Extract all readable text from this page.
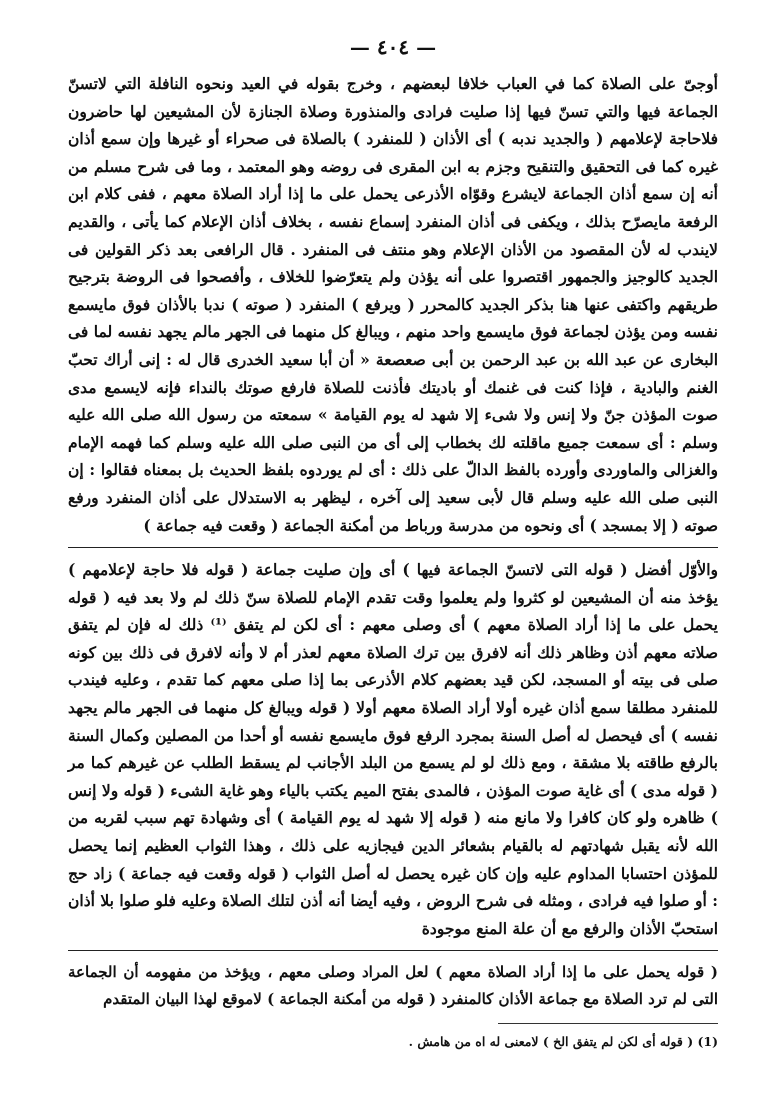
— ٤٠٤ —

أوجىّ على الصلاة كما في العباب خلافا لبعضهم ، وخرج بقوله في العيد ونحوه النافلة التي لاتسنّ الجماعة فيها والتي تسنّ فيها إذا صليت فرادى والمنذورة وصلاة الجنازة لأن المشيعين لها حاضرون فلاحاجة لإعلامهم ( والجديد ندبه ) أى الأذان ( للمنفرد ) بالصلاة فى صحراء أو غيرها وإن سمع أذان غيره كما فى التحقيق والتنقيح وجزم به ابن المقرى فى روضه وهو المعتمد ، وما فى شرح مسلم من أنه إن سمع أذان الجماعة لايشرع وقوّاه الأذرعى يحمل على ما إذا أراد الصلاة معهم ، ففى كلام ابن الرفعة مايصرّح بذلك ، ويكفى فى أذان المنفرد إسماع نفسه ، بخلاف أذان الإعلام كما يأتى ، والقديم لايندب له لأن المقصود من الأذان الإعلام وهو منتف فى المنفرد . قال الرافعى بعد ذكر القولين فى الجديد كالوجيز والجمهور اقتصروا على أنه يؤذن ولم يتعرّضوا للخلاف ، وأفصحوا فى الروضة بترجيح طريقهم واكتفى عنها هنا بذكر الجديد كالمحرر ( ويرفع ) المنفرد ( صوته ) ندبا بالأذان فوق مايسمع نفسه ومن يؤذن لجماعة فوق مايسمع واحد منهم ، ويبالغ كل منهما فى الجهر مالم يجهد نفسه لما فى البخارى عن عبد الله بن عبد الرحمن بن أبى صعصعة « أن أبا سعيد الخدرى قال له : إنى أراك تحبّ الغنم والبادية ، فإذا كنت فى غنمك أو باديتك فأذنت للصلاة فارفع صوتك بالنداء فإنه لايسمع مدى صوت المؤذن جنّ ولا إنس ولا شىء إلا شهد له يوم القيامة » سمعته من رسول الله صلى الله عليه وسلم : أى سمعت جميع ماقلته لك بخطاب إلى أى من النبى صلى الله عليه وسلم كما فهمه الإمام والغزالى والماوردى وأورده بالفظ الدالّ على ذلك : أى لم يوردوه بلفظ الحديث بل بمعناه فقالوا : إن النبى صلى الله عليه وسلم قال لأبى سعيد إلى آخره ، ليظهر به الاستدلال على أذان المنفرد ورفع صوته ( إلا بمسجد ) أى ونحوه من مدرسة ورباط من أمكنة الجماعة ( وقعت فيه جماعة )

والأوّل أفضل ( قوله التى لاتسنّ الجماعة فيها ) أى وإن صليت جماعة ( قوله فلا حاجة لإعلامهم ) يؤخذ منه أن المشيعين لو كثروا ولم يعلموا وقت تقدم الإمام للصلاة سنّ ذلك لم ولا بعد فيه ( قوله يحمل على ما إذا أراد الصلاة معهم ) أى وصلى معهم : أى لكن لم يتفق ⁽¹⁾ ذلك له فإن لم يتفق صلاته معهم أذن وظاهر ذلك أنه لافرق بين ترك الصلاة معهم لعذر أم لا وأنه لافرق فى ذلك بين كونه صلى فى بيته أو المسجد، لكن قيد بعضهم كلام الأذرعى بما إذا صلى معهم كما تقدم ، وعليه فيندب للمنفرد مطلقا سمع أذان غيره أولا أراد الصلاة معهم أولا ( قوله ويبالغ كل منهما فى الجهر مالم يجهد نفسه ) أى فيحصل له أصل السنة بمجرد الرفع فوق مايسمع نفسه أو أحدا من المصلين وكمال السنة بالرفع طاقته بلا مشقة ، ومع ذلك لو لم يسمع من البلد الأجانب لم يسقط الطلب عن غيرهم كما مر ( قوله مدى ) أى غاية صوت المؤذن ، فالمدى بفتح الميم يكتب بالياء وهو غاية الشىء ( قوله ولا إنس ) ظاهره ولو كان كافرا ولا مانع منه ( قوله إلا شهد له يوم القيامة ) أى وشهادة تهم سبب لقربه من الله لأنه يقبل شهادتهم له بالقيام بشعائر الدين فيجازيه على ذلك ، وهذا الثواب العظيم إنما يحصل للمؤذن احتسابا المداوم عليه وإن كان غيره يحصل له أصل الثواب ( قوله وقعت فيه جماعة ) زاد حج : أو صلوا فيه فرادى ، ومثله فى شرح الروض ، وفيه أيضا أنه أذن لتلك الصلاة وعليه فلو صلوا بلا أذان استحبّ الأذان والرفع مع أن علة المنع موجودة

( قوله يحمل على ما إذا أراد الصلاة معهم ) لعل المراد وصلى معهم ، ويؤخذ من مفهومه أن الجماعة التى لم ترد الصلاة مع جماعة الأذان كالمنفرد ( قوله من أمكنة الجماعة ) لاموقع لهذا البيان المتقدم

(1) ( قوله أى لكن لم يتفق الخ ) لامعنى له اه من هامش .
